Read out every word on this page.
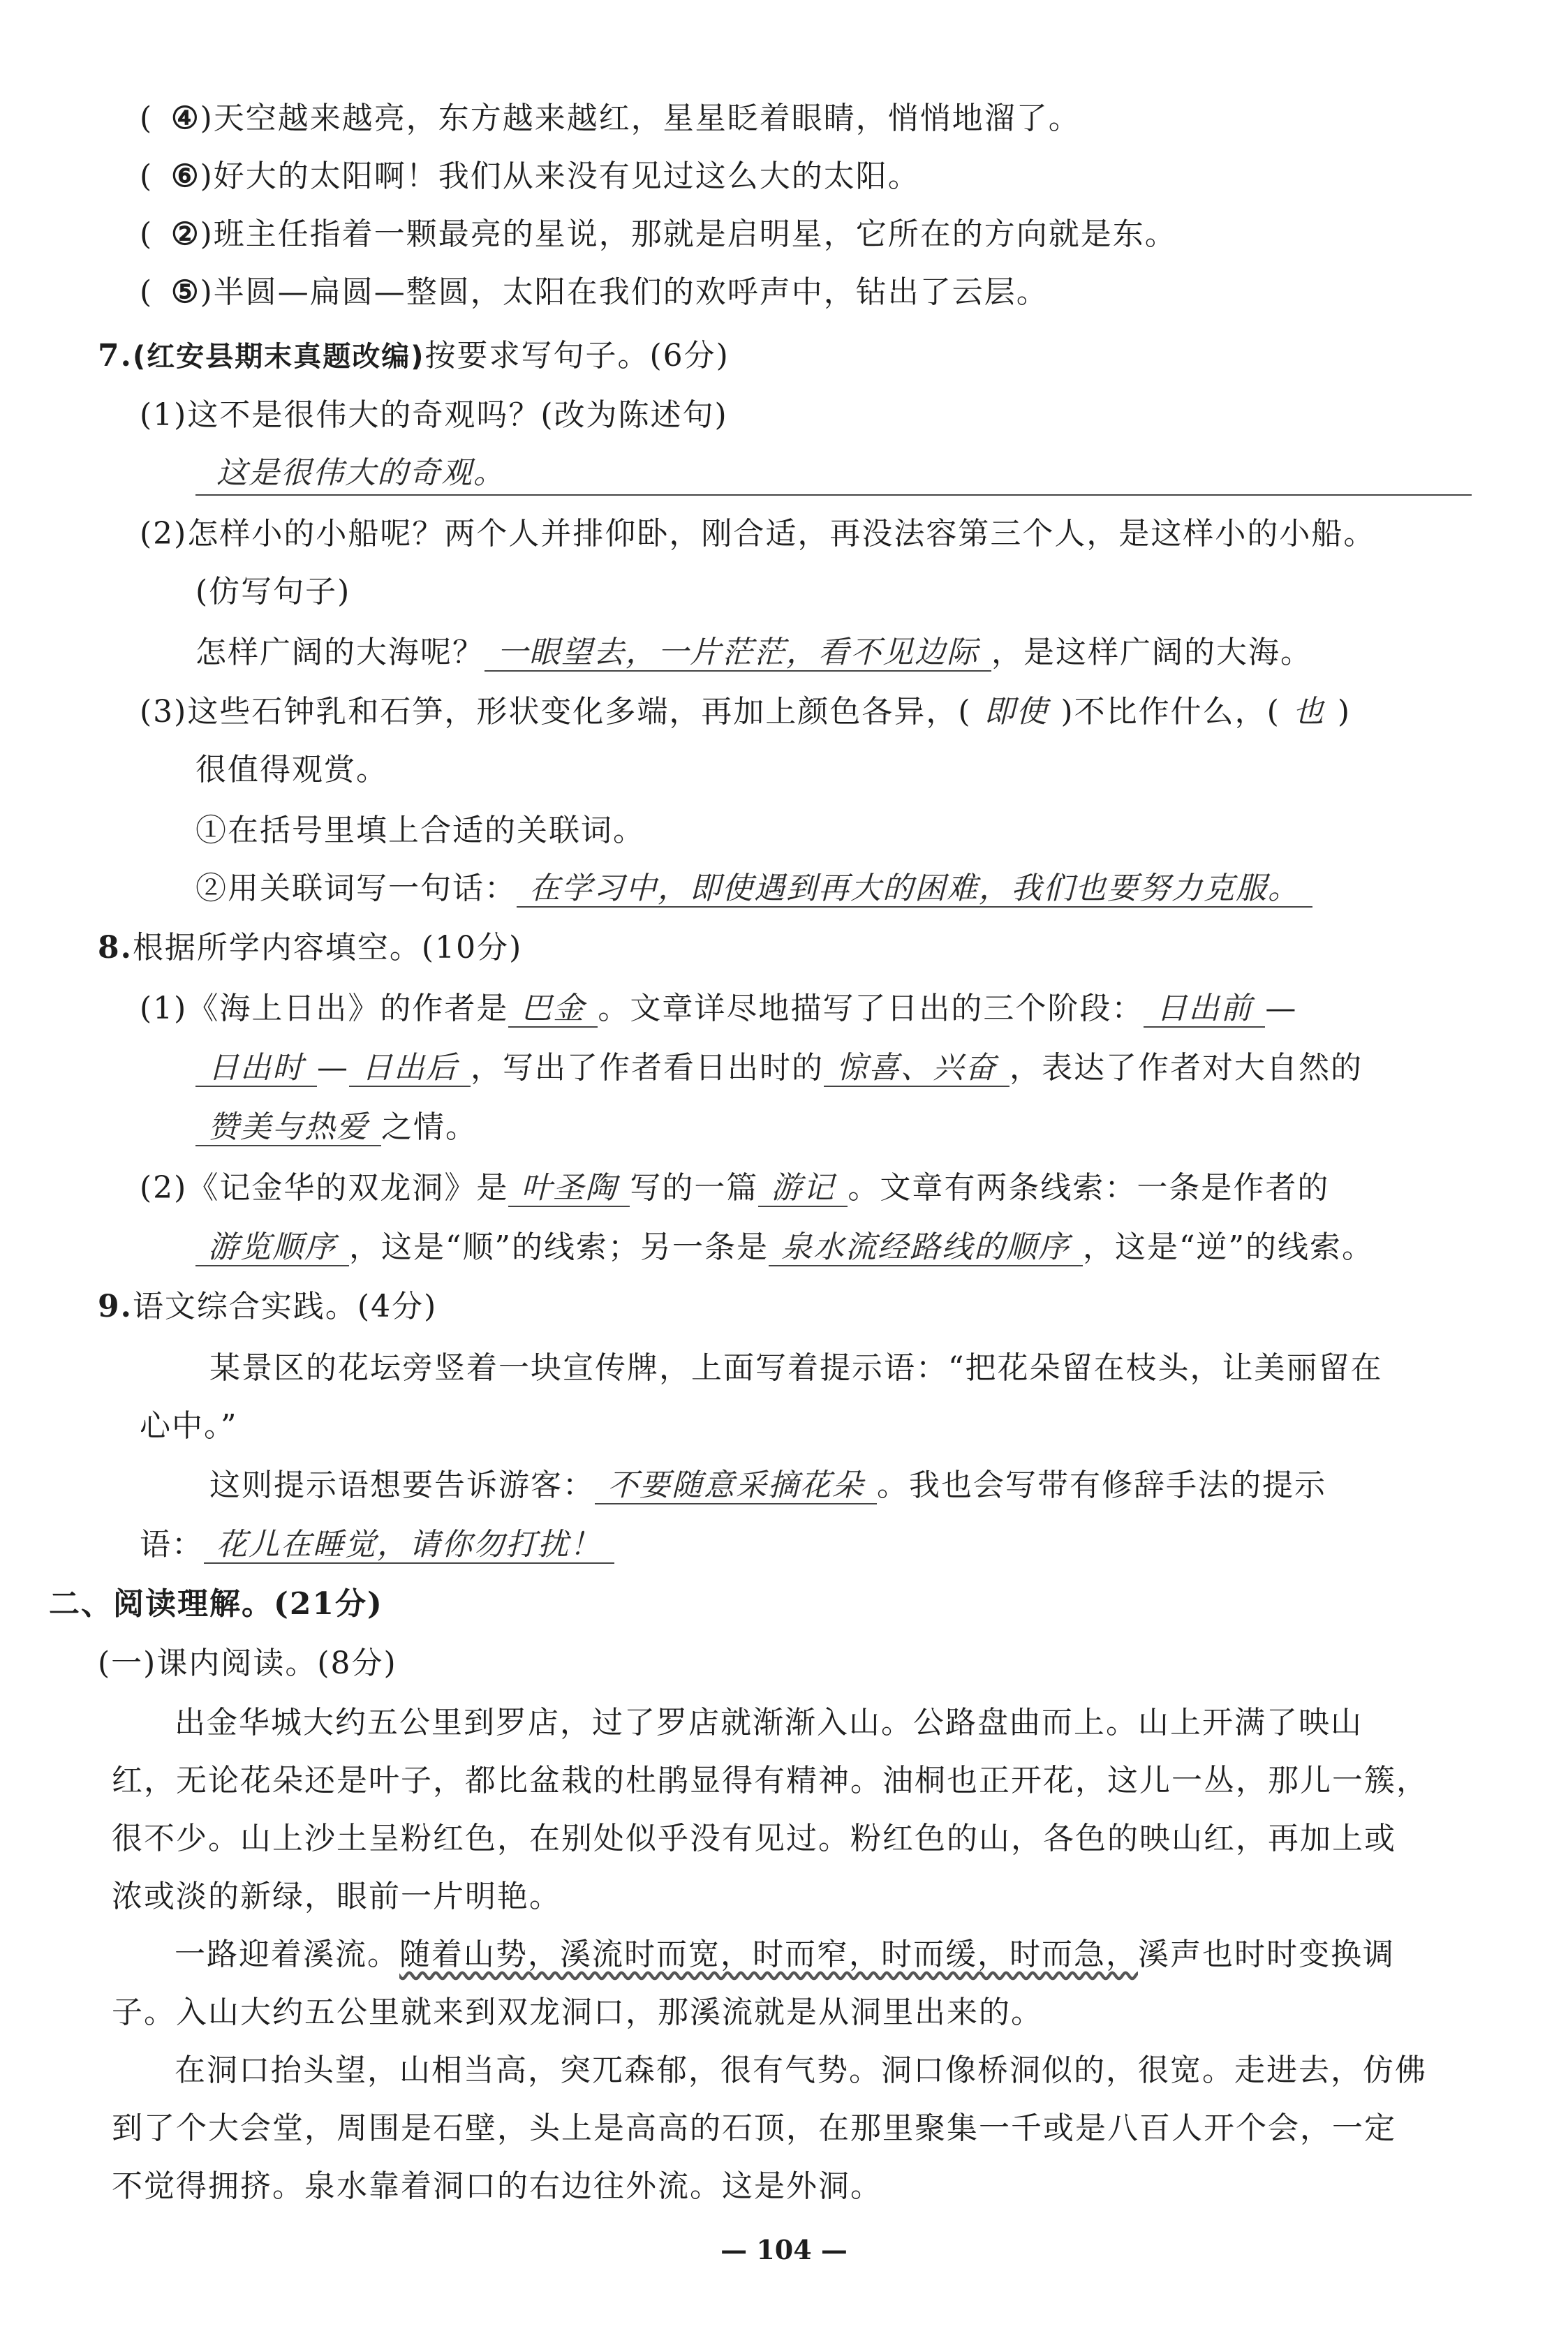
(  ④)天空越来越亮，东方越来越红，星星眨着眼睛，悄悄地溜了。
(  ⑥)好大的太阳啊！我们从来没有见过这么大的太阳。
(  ②)班主任指着一颗最亮的星说，那就是启明星，它所在的方向就是东。
(  ⑤)半圆—扁圆—整圆，太阳在我们的欢呼声中，钻出了云层。
7.(红安县期末真题改编)按要求写句子。(6分)
(1)这不是很伟大的奇观吗？(改为陈述句)
这是很伟大的奇观。
(2)怎样小的小船呢？两个人并排仰卧，刚合适，再没法容第三个人，是这样小的小船。
(仿写句子)
怎样广阔的大海呢？ 一眼望去，一片茫茫，看不见边际 ，是这样广阔的大海。
(3)这些石钟乳和石笋，形状变化多端，再加上颜色各异，( 即使 )不比作什么，( 也 )
很值得观赏。
①在括号里填上合适的关联词。
②用关联词写一句话： 在学习中，即使遇到再大的困难，我们也要努力克服。
8.根据所学内容填空。(10分)
(1)《海上日出》的作者是 巴金 。文章详尽地描写了日出的三个阶段： 日出前 —
日出时 — 日出后 ，写出了作者看日出时的 惊喜、兴奋 ，表达了作者对大自然的
赞美与热爱 之情。
(2)《记金华的双龙洞》是 叶圣陶 写的一篇 游记 。文章有两条线索：一条是作者的
游览顺序 ，这是“顺”的线索；另一条是 泉水流经路线的顺序 ，这是“逆”的线索。
9.语文综合实践。(4分)
某景区的花坛旁竖着一块宣传牌，上面写着提示语：“把花朵留在枝头，让美丽留在
心中。”
这则提示语想要告诉游客： 不要随意采摘花朵 。我也会写带有修辞手法的提示
语： 花儿在睡觉，请你勿打扰！
二、阅读理解。(21分)
(一)课内阅读。(8分)
出金华城大约五公里到罗店，过了罗店就渐渐入山。公路盘曲而上。山上开满了映山
红，无论花朵还是叶子，都比盆栽的杜鹃显得有精神。油桐也正开花，这儿一丛，那儿一簇，
很不少。山上沙土呈粉红色，在别处似乎没有见过。粉红色的山，各色的映山红，再加上或
浓或淡的新绿，眼前一片明艳。
一路迎着溪流。随着山势，溪流时而宽，时而窄，时而缓，时而急，溪声也时时变换调
子。入山大约五公里就来到双龙洞口，那溪流就是从洞里出来的。
在洞口抬头望，山相当高，突兀森郁，很有气势。洞口像桥洞似的，很宽。走进去，仿佛
到了个大会堂，周围是石壁，头上是高高的石顶，在那里聚集一千或是八百人开个会，一定
不觉得拥挤。泉水靠着洞口的右边往外流。这是外洞。
— 104 —
